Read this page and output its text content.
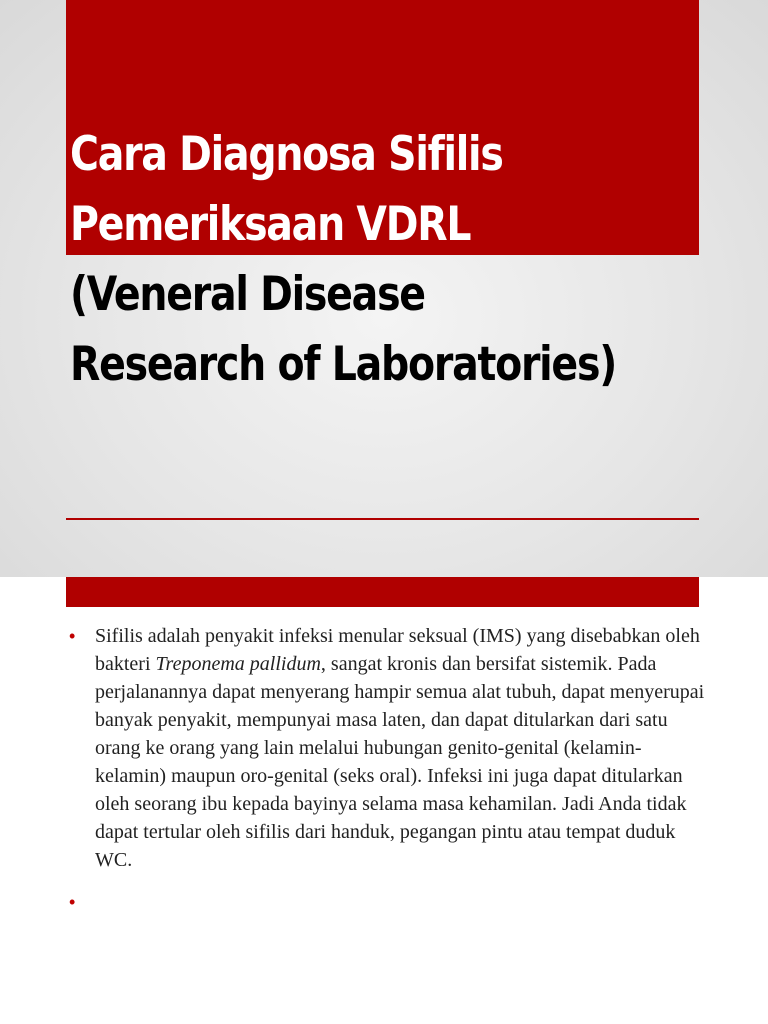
Cara Diagnosa Sifilis
Pemeriksaan VDRL
(Veneral Disease
Research of Laboratories)
• Sifilis adalah penyakit infeksi menular seksual (IMS) yang disebabkan oleh bakteri Treponema pallidum, sangat kronis dan bersifat sistemik. Pada perjalanannya dapat menyerang hampir semua alat tubuh, dapat menyerupai banyak penyakit, mempunyai masa laten, dan dapat ditularkan dari satu orang ke orang yang lain melalui hubungan genito-genital (kelamin-kelamin) maupun oro-genital (seks oral). Infeksi ini juga dapat ditularkan oleh seorang ibu kepada bayinya selama masa kehamilan. Jadi Anda tidak dapat tertular oleh sifilis dari handuk, pegangan pintu atau tempat duduk WC.
•
